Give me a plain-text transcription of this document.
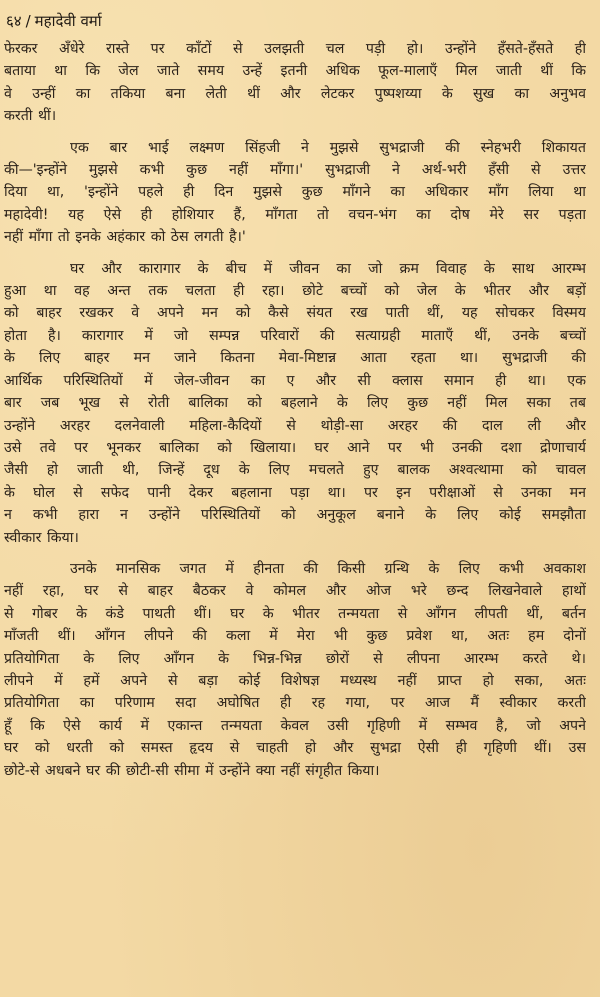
६४ / महादेवी वर्मा
फेरकर अँधेरे रास्ते पर काँटों से उलझती चल पड़ी हो। उन्होंने हँसते-हँसते ही
बताया था कि जेल जाते समय उन्हें इतनी अधिक फूल-मालाएँ मिल जाती थीं कि
वे उन्हीं का तकिया बना लेती थीं और लेटकर पुष्पशय्या के सुख का अनुभव
करती थीं।
एक बार भाई लक्ष्मण सिंहजी ने मुझसे सुभद्राजी की स्नेहभरी शिकायत
की—'इन्होंने मुझसे कभी कुछ नहीं माँगा।' सुभद्राजी ने अर्थ-भरी हँसी से उत्तर
दिया था, 'इन्होंने पहले ही दिन मुझसे कुछ माँगने का अधिकार माँग लिया था
महादेवी! यह ऐसे ही होशियार हैं, माँगता तो वचन-भंग का दोष मेरे सर पड़ता
नहीं माँगा तो इनके अहंकार को ठेस लगती है।'
घर और कारागार के बीच में जीवन का जो क्रम विवाह के साथ आरम्भ
हुआ था वह अन्त तक चलता ही रहा। छोटे बच्चों को जेल के भीतर और बड़ों
को बाहर रखकर वे अपने मन को कैसे संयत रख पाती थीं, यह सोचकर विस्मय
होता है। कारागार में जो सम्पन्न परिवारों की सत्याग्रही माताएँ थीं, उनके बच्चों
के लिए बाहर मन जाने कितना मेवा-मिष्टान्न आता रहता था। सुभद्राजी की
आर्थिक परिस्थितियों में जेल-जीवन का ए और सी क्लास समान ही था। एक
बार जब भूख से रोती बालिका को बहलाने के लिए कुछ नहीं मिल सका तब
उन्होंने अरहर दलनेवाली महिला-कैदियों से थोड़ी-सा अरहर की दाल ली और
उसे तवे पर भूनकर बालिका को खिलाया। घर आने पर भी उनकी दशा द्रोणाचार्य
जैसी हो जाती थी, जिन्हें दूध के लिए मचलते हुए बालक अश्वत्थामा को चावल
के घोल से सफेद पानी देकर बहलाना पड़ा था। पर इन परीक्षाओं से उनका मन
न कभी हारा न उन्होंने परिस्थितियों को अनुकूल बनाने के लिए कोई समझौता
स्वीकार किया।
उनके मानसिक जगत में हीनता की किसी ग्रन्थि के लिए कभी अवकाश
नहीं रहा, घर से बाहर बैठकर वे कोमल और ओज भरे छन्द लिखनेवाले हाथों
से गोबर के कंडे पाथती थीं। घर के भीतर तन्मयता से आँगन लीपती थीं, बर्तन
माँजती थीं। आँगन लीपने की कला में मेरा भी कुछ प्रवेश था, अतः हम दोनों
प्रतियोगिता के लिए आँगन के भिन्न-भिन्न छोरों से लीपना आरम्भ करते थे।
लीपने में हमें अपने से बड़ा कोई विशेषज्ञ मध्यस्थ नहीं प्राप्त हो सका, अतः
प्रतियोगिता का परिणाम सदा अघोषित ही रह गया, पर आज मैं स्वीकार करती
हूँ कि ऐसे कार्य में एकान्त तन्मयता केवल उसी गृहिणी में सम्भव है, जो अपने
घर को धरती को समस्त हृदय से चाहती हो और सुभद्रा ऐसी ही गृहिणी थीं। उस
छोटे-से अधबने घर की छोटी-सी सीमा में उन्होंने क्या नहीं संगृहीत किया।
